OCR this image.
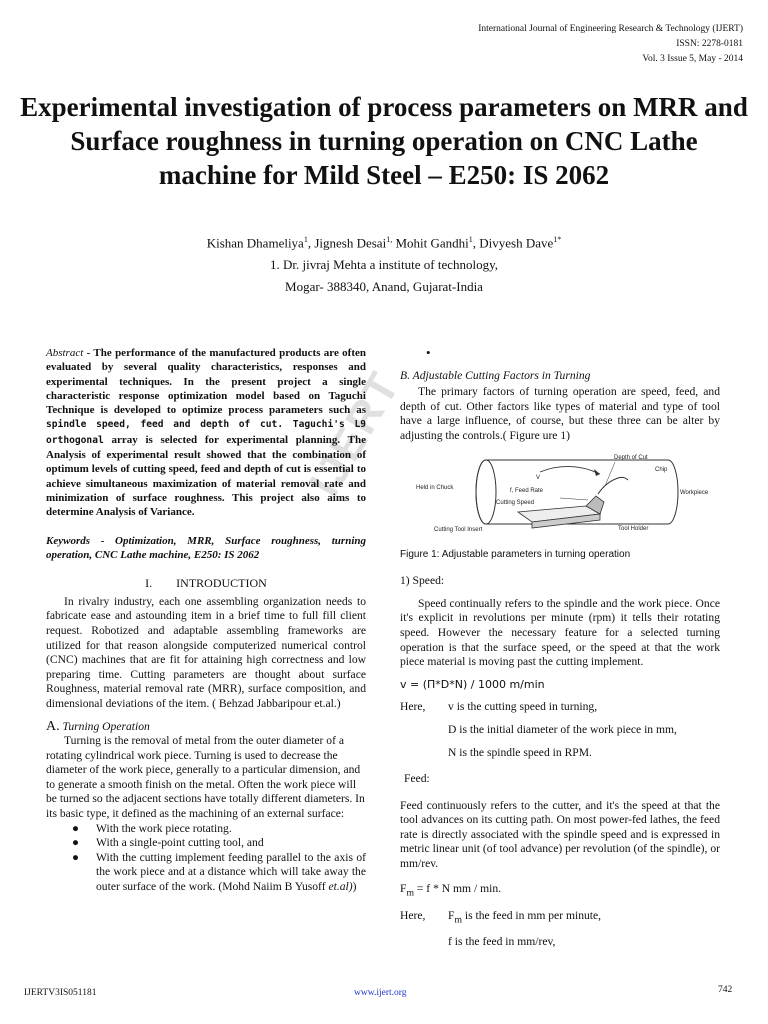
International Journal of Engineering Research & Technology (IJERT)
ISSN: 2278-0181
Vol. 3 Issue 5, May - 2014
Experimental investigation of process parameters on MRR and Surface roughness in turning operation on CNC Lathe machine for Mild Steel – E250: IS 2062
Kishan Dhameliya$^1$, Jignesh Desai$^{1,}$ Mohit Gandhi$^1$, Divyesh Dave$^{1*}$
1. Dr. jivraj Mehta a institute of technology,
Mogar- 388340, Anand, Gujarat-India
IJERT

Abstract - The performance of the manufactured products are often evaluated by several quality characteristics, responses and experimental techniques. In the present project a single characteristic response optimization model based on Taguchi Technique is developed to optimize process parameters such as spindle speed, feed and depth of cut. Taguchi's L9 orthogonal array is selected for experimental planning. The Analysis of experimental result showed that the combination of optimum levels of cutting speed, feed and depth of cut is essential to achieve simultaneous maximization of material removal rate and minimization of surface roughness. This project also aims to determine Analysis of Variance.

Keywords - Optimization, MRR, Surface roughness, turning operation, CNC Lathe machine, E250: IS 2062

I. INTRODUCTION

In rivalry industry, each one assembling organization needs to fabricate ease and astounding item in a brief time to full fill client request. Robotized and adaptable assembling frameworks are utilized for that reason alongside computerized numerical control (CNC) machines that are fit for attaining high correctness and low preparing time. Cutting parameters are thought about surface Roughness, material removal rate (MRR), surface composition, and dimensional deviations of the item. ( Behzad Jabbaripour et.al.)

A. Turning Operation

Turning is the removal of metal from the outer diameter of a rotating cylindrical work piece. Turning is used to decrease the diameter of the work piece, generally to a particular dimension, and to generate a smooth finish on the metal. Often the work piece will be turned so the adjacent sections have totally different diameters. In its basic type, it defined as the machining of an external surface:

● With the work piece rotating.
● With a single-point cutting tool, and
● With the cutting implement feeding parallel to the axis of the work piece and at a distance which will take away the outer surface of the work. (Mohd Naiim B Yusoff et.al))
•

B. Adjustable Cutting Factors in Turning

The primary factors of turning operation are speed, feed, and depth of cut. Other factors like types of material and type of tool have a large influence, of course, but these three can be alter by adjusting the controls.( Figure ure 1)

Depth of Cut
Chip
V
f, Feed Rate
Cutting Speed
Held in Chuck
Workpiece
Cutting Tool Insert	Tool Holder

Figure 1: Adjustable parameters in turning operation

1) Speed:

Speed continually refers to the spindle and the work piece. Once it's explicit in revolutions per minute (rpm) it tells their rotating speed. However the necessary feature for a selected turning operation is that the surface speed, or the speed at that the work piece material is moving past the cutting implement.

v = (Π*D*N) / 1000 m/min

Here, v is the cutting speed in turning,

D is the initial diameter of the work piece in mm,

N is the spindle speed in RPM.

Feed:

Feed continuously refers to the cutter, and it's the speed at that the tool advances on its cutting path. On most power-fed lathes, the feed rate is directly associated with the spindle speed and is expressed in metric linear unit (of tool advance) per revolution (of the spindle), or mm/rev.

$F_m = f * N$ mm / min.

Here, $F_m$ is the feed in mm per minute,

f is the feed in mm/rev,

IJERTV3IS051181	www.ijert.org	742
